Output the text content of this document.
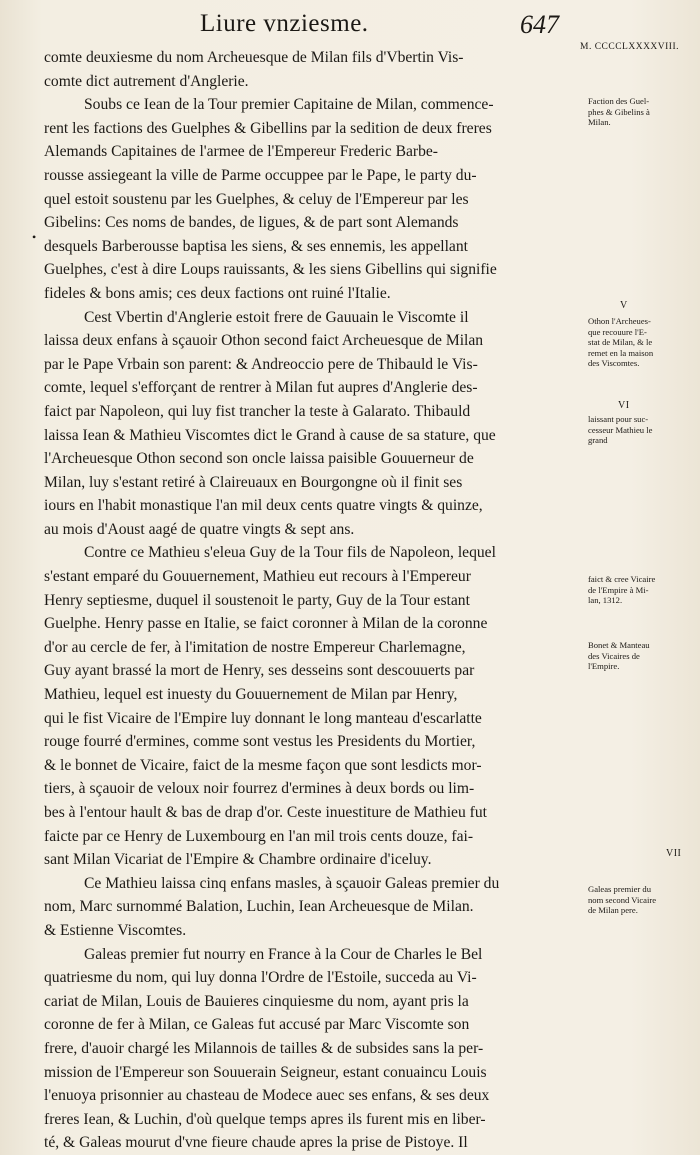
Liure vnziesme.	647
M. CCCCLXXXXVIII.
•
comte deuxiesme du nom Archeuesque de Milan fils d'Vbertin Vis-
comte dict autrement d'Anglerie.
Soubs ce Iean de la Tour premier Capitaine de Milan, commence-
rent les factions des Guelphes & Gibellins par la sedition de deux freres
Alemands Capitaines de l'armee de l'Empereur Frederic Barbe-
rousse assiegeant la ville de Parme occuppee par le Pape, le party du-
quel estoit soustenu par les Guelphes, & celuy de l'Empereur par les
Gibelins: Ces noms de bandes, de ligues, & de part sont Alemands
desquels Barberousse baptisa les siens, & ses ennemis, les appellant
Guelphes, c'est à dire Loups rauissants, & les siens Gibellins qui signifie
fideles & bons amis; ces deux factions ont ruiné l'Italie.
Cest Vbertin d'Anglerie estoit frere de Gauuain le Viscomte il
laissa deux enfans à sçauoir Othon second faict Archeuesque de Milan
par le Pape Vrbain son parent: & Andreoccio pere de Thibauld le Vis-
comte, lequel s'efforçant de rentrer à Milan fut aupres d'Anglerie des-
faict par Napoleon, qui luy fist trancher la teste à Galarato. Thibauld
laissa Iean & Mathieu Viscomtes dict le Grand à cause de sa stature, que
l'Archeuesque Othon second son oncle laissa paisible Gouuerneur de
Milan, luy s'estant retiré à Claireuaux en Bourgongne où il finit ses
iours en l'habit monastique l'an mil deux cents quatre vingts & quinze,
au mois d'Aoust aagé de quatre vingts & sept ans.
Contre ce Mathieu s'eleua Guy de la Tour fils de Napoleon, lequel
s'estant emparé du Gouuernement, Mathieu eut recours à l'Empereur
Henry septiesme, duquel il soustenoit le party, Guy de la Tour estant
Guelphe. Henry passe en Italie, se faict coronner à Milan de la coronne
d'or au cercle de fer, à l'imitation de nostre Empereur Charlemagne,
Guy ayant brassé la mort de Henry, ses desseins sont descouuerts par
Mathieu, lequel est inuesty du Gouuernement de Milan par Henry,
qui le fist Vicaire de l'Empire luy donnant le long manteau d'escarlatte
rouge fourré d'ermines, comme sont vestus les Presidents du Mortier,
& le bonnet de Vicaire, faict de la mesme façon que sont lesdicts mor-
tiers, à sçauoir de veloux noir fourrez d'ermines à deux bords ou lim-
bes à l'entour hault & bas de drap d'or. Ceste inuestiture de Mathieu fut
faicte par ce Henry de Luxembourg en l'an mil trois cents douze, fai-
sant Milan Vicariat de l'Empire & Chambre ordinaire d'iceluy.
Ce Mathieu laissa cinq enfans masles, à sçauoir Galeas premier du
nom, Marc surnommé Balation, Luchin, Iean Archeuesque de Milan.
& Estienne Viscomtes.
Galeas premier fut nourry en France à la Cour de Charles le Bel
quatriesme du nom, qui luy donna l'Ordre de l'Estoile, succeda au Vi-
cariat de Milan, Louis de Bauieres cinquiesme du nom, ayant pris la
coronne de fer à Milan, ce Galeas fut accusé par Marc Viscomte son
frere, d'auoir chargé les Milannois de tailles & de subsides sans la per-
mission de l'Empereur son Souuerain Seigneur, estant conuaincu Louis
l'enuoya prisonnier au chasteau de Modece auec ses enfans, & ses deux
freres Iean, & Luchin, d'où quelque temps apres ils furent mis en liber-
té, & Galeas mourut d'vne fieure chaude apres la prise de Pistoye. Il
Faction des Guel-
phes & Gibelins à
Milan.
V
Othon l'Archeues-
que recouure l'E-
stat de Milan, & le
remet en la maison
des Viscomtes.
VI
laissant pour suc-
cesseur Mathieu le
grand
faict & cree Vicaire
de l'Empire à Mi-
lan, 1312.
Bonet & Manteau
des Vicaires de
l'Empire.
VII
Galeas premier du
nom second Vicaire
de Milan pere.
